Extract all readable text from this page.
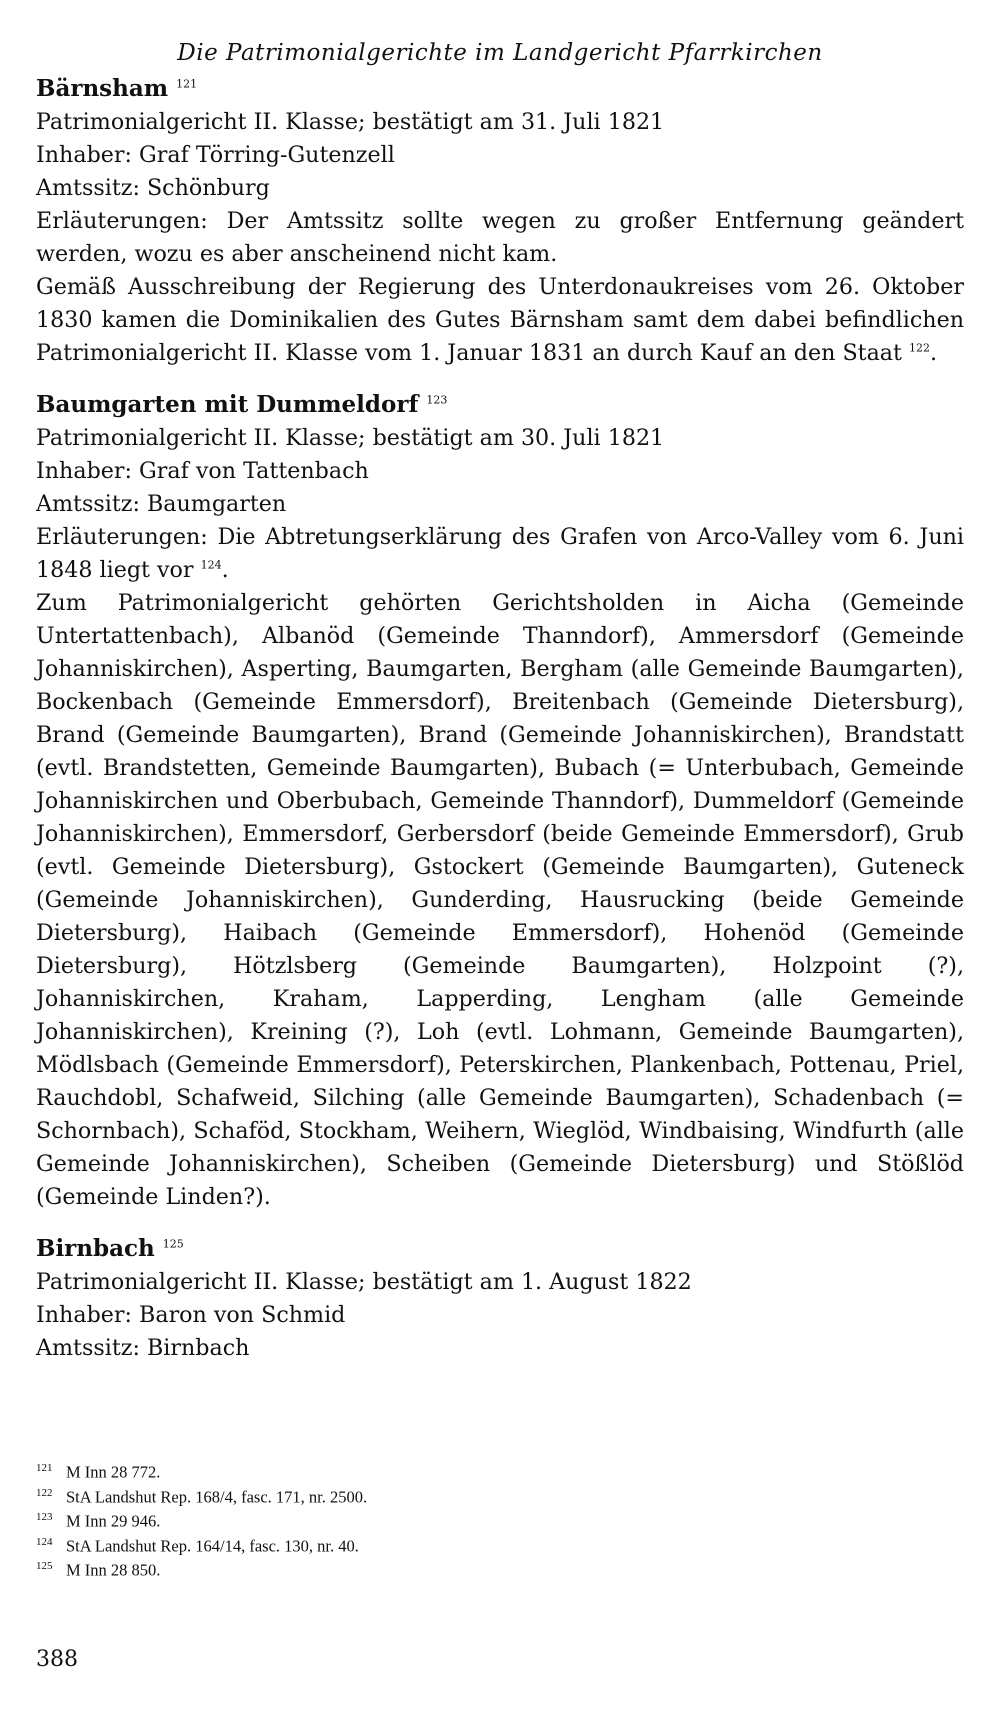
Die Patrimonialgerichte im Landgericht Pfarrkirchen
Bärnsham $^{121}$

Patrimonialgericht II. Klasse; bestätigt am 31. Juli 1821

Inhaber: Graf Törring-Gutenzell

Amtssitz: Schönburg

Erläuterungen: Der Amtssitz sollte wegen zu großer Entfernung geändert werden, wozu es aber anscheinend nicht kam.

Gemäß Ausschreibung der Regierung des Unterdonaukreises vom 26. Oktober 1830 kamen die Dominikalien des Gutes Bärnsham samt dem dabei befindlichen Patrimonialgericht II. Klasse vom 1. Januar 1831 an durch Kauf an den Staat $^{122}$.

Baumgarten mit Dummeldorf $^{123}$

Patrimonialgericht II. Klasse; bestätigt am 30. Juli 1821

Inhaber: Graf von Tattenbach

Amtssitz: Baumgarten

Erläuterungen: Die Abtretungserklärung des Grafen von Arco-Valley vom 6. Juni 1848 liegt vor $^{124}$.

Zum Patrimonialgericht gehörten Gerichtsholden in Aicha (Gemeinde Untertattenbach), Albanöd (Gemeinde Thanndorf), Ammersdorf (Gemeinde Johanniskirchen), Asperting, Baumgarten, Bergham (alle Gemeinde Baumgarten), Bockenbach (Gemeinde Emmersdorf), Breitenbach (Gemeinde Dietersburg), Brand (Gemeinde Baumgarten), Brand (Gemeinde Johanniskirchen), Brandstatt (evtl. Brandstetten, Gemeinde Baumgarten), Bubach (= Unterbubach, Gemeinde Johanniskirchen und Oberbubach, Gemeinde Thanndorf), Dummeldorf (Gemeinde Johanniskirchen), Emmersdorf, Gerbersdorf (beide Gemeinde Emmersdorf), Grub (evtl. Gemeinde Dietersburg), Gstockert (Gemeinde Baumgarten), Guteneck (Gemeinde Johanniskirchen), Gunderding, Hausrucking (beide Gemeinde Dietersburg), Haibach (Gemeinde Emmersdorf), Hohenöd (Gemeinde Dietersburg), Hötzlsberg (Gemeinde Baumgarten), Holzpoint (?), Johanniskirchen, Kraham, Lapperding, Lengham (alle Gemeinde Johanniskirchen), Kreining (?), Loh (evtl. Lohmann, Gemeinde Baumgarten), Mödlsbach (Gemeinde Emmersdorf), Peterskirchen, Plankenbach, Pottenau, Priel, Rauchdobl, Schafweid, Silching (alle Gemeinde Baumgarten), Schadenbach (= Schornbach), Schaföd, Stockham, Weihern, Wieglöd, Windbaising, Windfurth (alle Gemeinde Johanniskirchen), Scheiben (Gemeinde Dietersburg) und Stößlöd (Gemeinde Linden?).

Birnbach $^{125}$

Patrimonialgericht II. Klasse; bestätigt am 1. August 1822

Inhaber: Baron von Schmid

Amtssitz: Birnbach

121 M Inn 28 772.
122 StA Landshut Rep. 168/4, fasc. 171, nr. 2500.
123 M Inn 29 946.
124 StA Landshut Rep. 164/14, fasc. 130, nr. 40.
125 M Inn 28 850.
388
